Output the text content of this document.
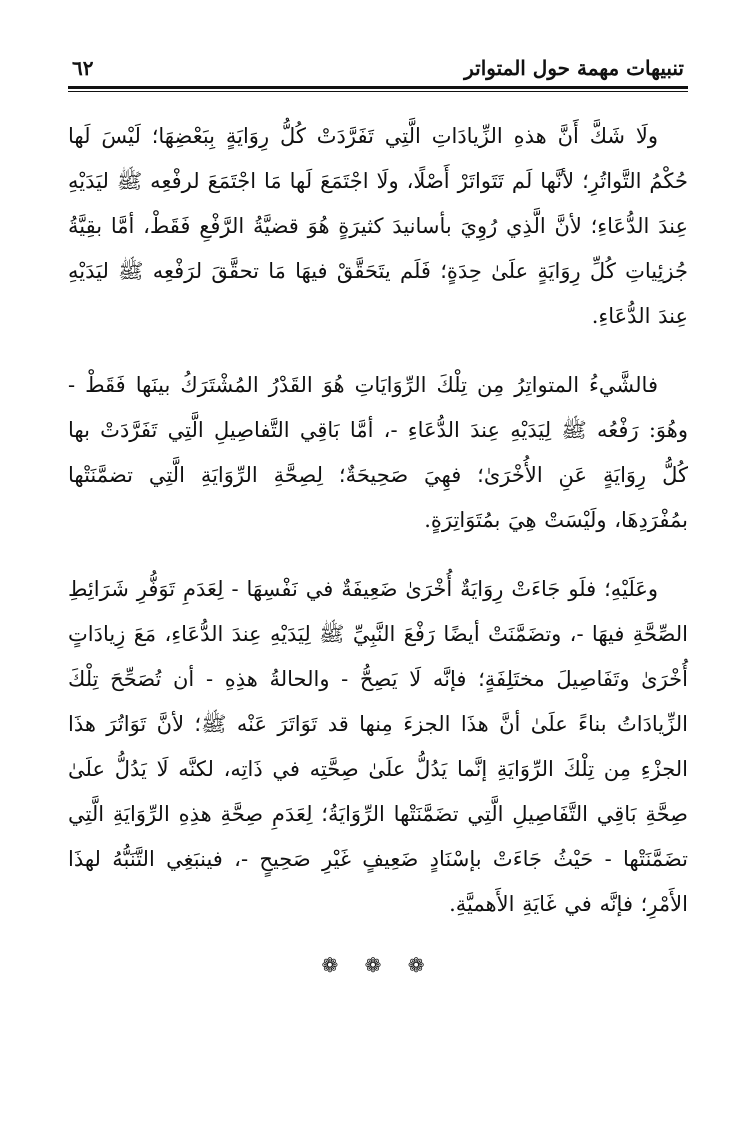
تنبيهات مهمة حول المتواتر
٦٢

ولَا شَكَّ أَنَّ هذهِ الزِّيادَاتِ الَّتِي تَفَرَّدَتْ كُلُّ رِوَايَةٍ بِبَعْضِهَا؛ لَيْسَ لَها حُكْمُ التَّواتُرِ؛ لأنَّها لَم تَتَواتَرْ أَصْلًا، ولَا اجْتَمَعَ لَها مَا اجْتَمَعَ لرفْعِه ﷺ ليَدَيْهِ عِندَ الدُّعَاءِ؛ لأنَّ الَّذِي رُوِيَ بأسانيدَ كثيرَةٍ هُوَ قضيَّةُ الرَّفْعِ فَقَطْ، أمَّا بقِيَّةُ جُزئِياتِ كُلِّ رِوَايَةٍ علَىٰ حِدَةٍ؛ فَلَم يتَحَقَّقْ فيهَا مَا تحقَّقَ لرَفْعِه ﷺ ليَدَيْهِ عِندَ الدُّعَاءِ.

فالشَّيءُ المتواتِرُ مِن تِلْكَ الرِّوَايَاتِ هُوَ القَدْرُ المُشْتَرَكُ بينَها فَقَطْ - وهُوَ: رَفْعُه ﷺ لِيَدَيْهِ عِندَ الدُّعَاءِ -، أمَّا بَاقِي التَّفاصِيلِ الَّتِي تَفَرَّدَتْ بها كُلُّ رِوَايَةٍ عَنِ الأُخْرَىٰ؛ فهِيَ صَحِيحَةٌ؛ لِصِحَّةِ الرِّوَايَةِ الَّتِي تضمَّنَتْها بمُفْرَدِهَا، ولَيْسَتْ هِيَ بمُتَوَاتِرَةٍ.

وعَلَيْهِ؛ فلَو جَاءَتْ رِوَايَةٌ أُخْرَىٰ ضَعِيفَةٌ في نَفْسِهَا - لِعَدَمِ تَوَفُّرِ شَرَائِطِ الصِّحَّةِ فيهَا -، وتضَمَّنَتْ أيضًا رَفْعَ النَّبِيِّ ﷺ لِيَدَيْهِ عِندَ الدُّعَاءِ، مَعَ زِيادَاتٍ أُخْرَىٰ وتَفَاصِيلَ مختَلِفَةٍ؛ فإنَّه لَا يَصِحُّ - والحالةُ هذِهِ - أن تُصَحِّحَ تِلْكَ الزِّيادَاتُ بناءً علَىٰ أنَّ هذَا الجزءَ مِنها قد تَوَاتَرَ عَنْه ﷺ؛ لأنَّ تَوَاتُرَ هذَا الجزْءِ مِن تِلْكَ الرِّوَايَةِ إنَّما يَدُلُّ علَىٰ صِحَّتِه في ذَاتِه، لكنَّه لَا يَدُلُّ علَىٰ صِحَّةِ بَاقِي التَّفَاصِيلِ الَّتِي تضَمَّنَتْها الرِّوَايَةُ؛ لِعَدَمِ صِحَّةِ هذِهِ الرِّوَايَةِ الَّتِي تضَمَّنَتْها - حَيْثُ جَاءَتْ بإسْنَادٍ ضَعِيفٍ غَيْرِ صَحِيحٍ -، فينبَغِي التَّنَبُّهُ لهذَا الأَمْرِ؛ فإنَّه في غَايَةِ الأَهميَّةِ.

❁ ❁ ❁
